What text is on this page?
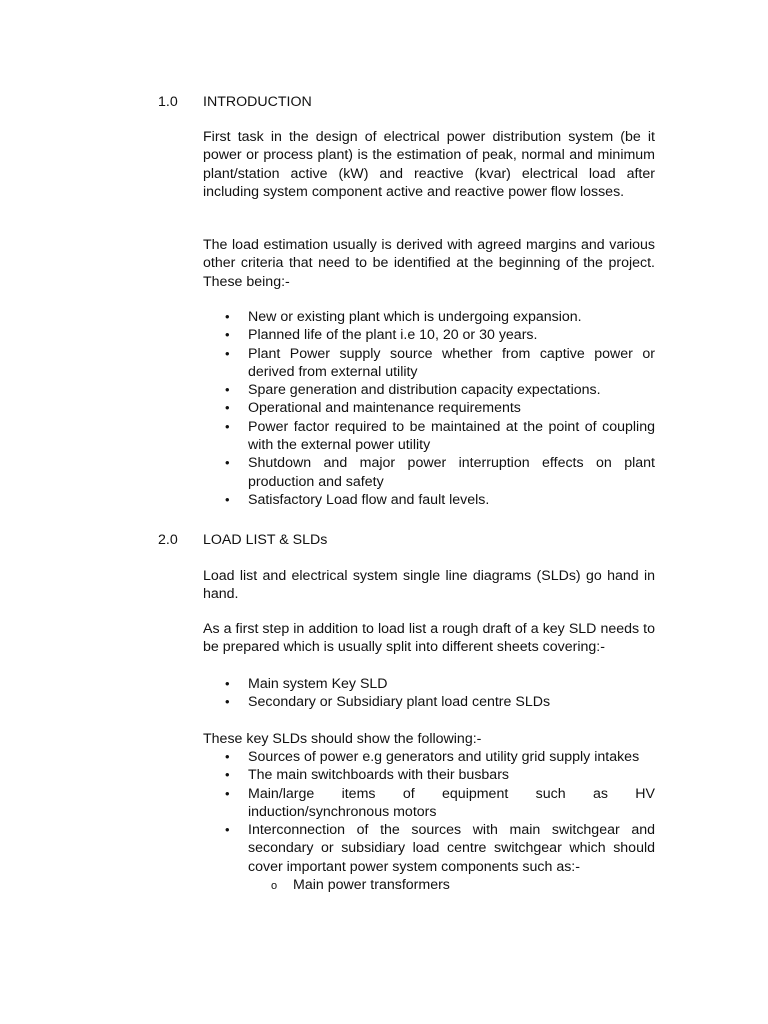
1.0 INTRODUCTION

First task in the design of electrical power distribution system (be it power or process plant) is the estimation of peak, normal and minimum plant/station active (kW) and reactive (kvar) electrical load after including system component active and reactive power flow losses.

The load estimation usually is derived with agreed margins and various other criteria that need to be identified at the beginning of the project. These being:-

• New or existing plant which is undergoing expansion.
• Planned life of the plant i.e 10, 20 or 30 years.
• Plant Power supply source whether from captive power or derived from external utility
• Spare generation and distribution capacity expectations.
• Operational and maintenance requirements
• Power factor required to be maintained at the point of coupling with the external power utility
• Shutdown and major power interruption effects on plant production and safety
• Satisfactory Load flow and fault levels.
2.0 LOAD LIST & SLDs

Load list and electrical system single line diagrams (SLDs) go hand in hand.

As a first step in addition to load list a rough draft of a key SLD needs to be prepared which is usually split into different sheets covering:-

• Main system Key SLD
• Secondary or Subsidiary plant load centre SLDs

These key SLDs should show the following:-

• Sources of power e.g generators and utility grid supply intakes
• The main switchboards with their busbars
• Main/large items of equipment such as HV induction/synchronous motors
• Interconnection of the sources with main switchgear and secondary or subsidiary load centre switchgear which should cover important power system components such as:-
o Main power transformers
